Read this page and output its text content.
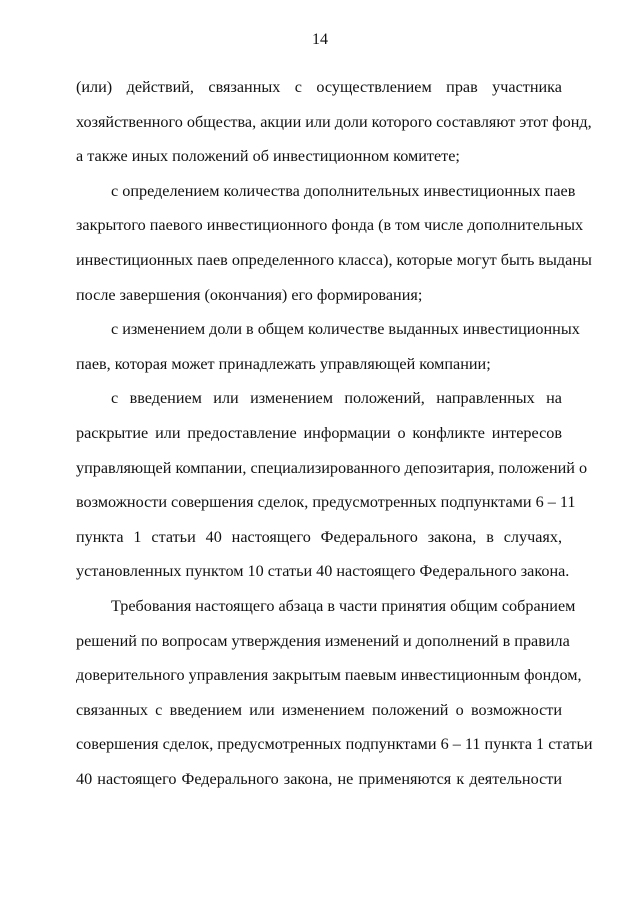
14
(или) действий, связанных с осуществлением прав участника
хозяйственного общества, акции или доли которого составляют этот фонд,
а также иных положений об инвестиционном комитете;
с определением количества дополнительных инвестиционных паев
закрытого паевого инвестиционного фонда (в том числе дополнительных
инвестиционных паев определенного класса), которые могут быть выданы
после завершения (окончания) его формирования;
с изменением доли в общем количестве выданных инвестиционных
паев, которая может принадлежать управляющей компании;
с введением или изменением положений, направленных на
раскрытие или предоставление информации о конфликте интересов
управляющей компании, специализированного депозитария, положений о
возможности совершения сделок, предусмотренных подпунктами 6 – 11
пункта 1 статьи 40 настоящего Федерального закона, в случаях,
установленных пунктом 10 статьи 40 настоящего Федерального закона.
Требования настоящего абзаца в части принятия общим собранием
решений по вопросам утверждения изменений и дополнений в правила
доверительного управления закрытым паевым инвестиционным фондом,
связанных с введением или изменением положений о возможности
совершения сделок, предусмотренных подпунктами 6 – 11 пункта 1 статьи
40 настоящего Федерального закона, не применяются к деятельности
